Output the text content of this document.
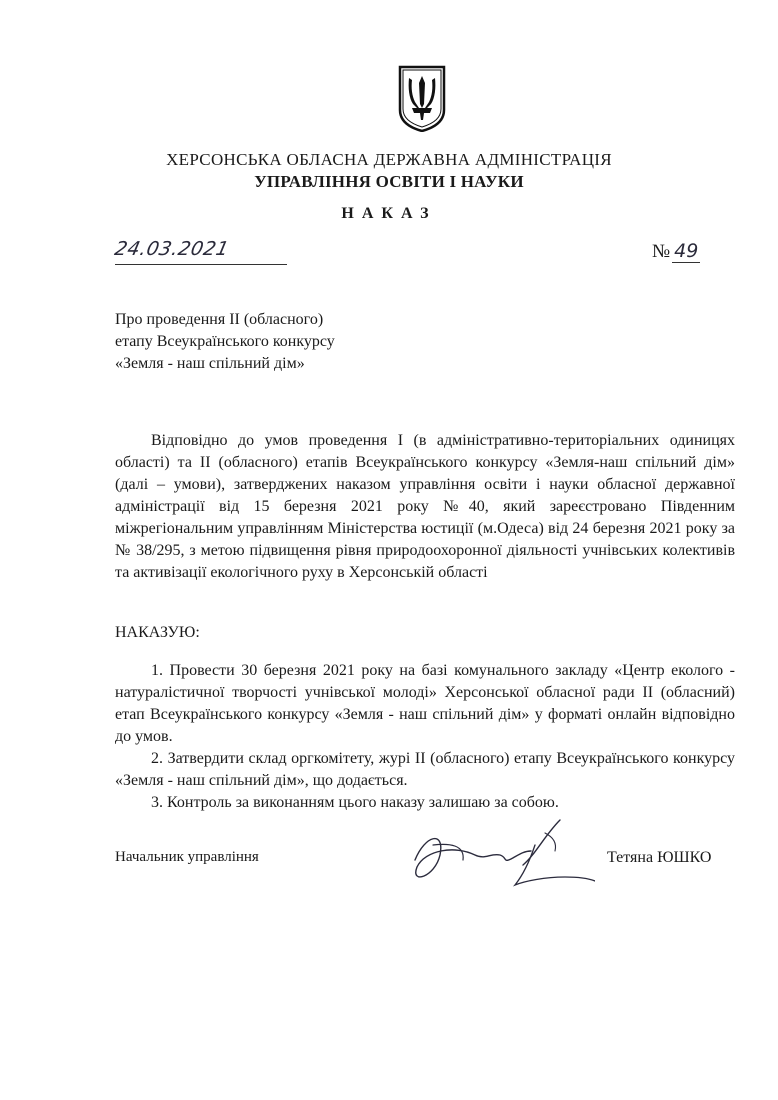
ХЕРСОНСЬКА ОБЛАСНА ДЕРЖАВНА АДМІНІСТРАЦІЯ
УПРАВЛІННЯ ОСВІТИ І НАУКИ
НАКАЗ
24.03.2021	№ 49
Про проведення ІІ (обласного)
етапу Всеукраїнського конкурсу
«Земля - наш спільний дім»
Відповідно до умов проведення І (в адміністративно-територіальних одиницях області) та ІІ (обласного) етапів Всеукраїнського конкурсу «Земля-наш спільний дім» (далі – умови), затверджених наказом управління освіти і науки обласної державної адміністрації від 15 березня 2021 року №40, який зареєстровано Південним міжрегіональним управлінням Міністерства юстиції (м.Одеса) від 24 березня 2021 року за № 38/295, з метою підвищення рівня природоохоронної діяльності учнівських колективів та активізації екологічного руху в Херсонській області
НАКАЗУЮ:
1. Провести 30 березня 2021 року на базі комунального закладу «Центр еколого - натуралістичної творчості учнівської молоді» Херсонської обласної ради ІІ (обласний) етап Всеукраїнського конкурсу «Земля - наш спільний дім» у форматі онлайн відповідно до умов.
2. Затвердити склад оргкомітету, журі ІІ (обласного) етапу Всеукраїнського конкурсу «Земля - наш спільний дім», що додається.
3. Контроль за виконанням цього наказу залишаю за собою.
Начальник управління	Тетяна ЮШКО
